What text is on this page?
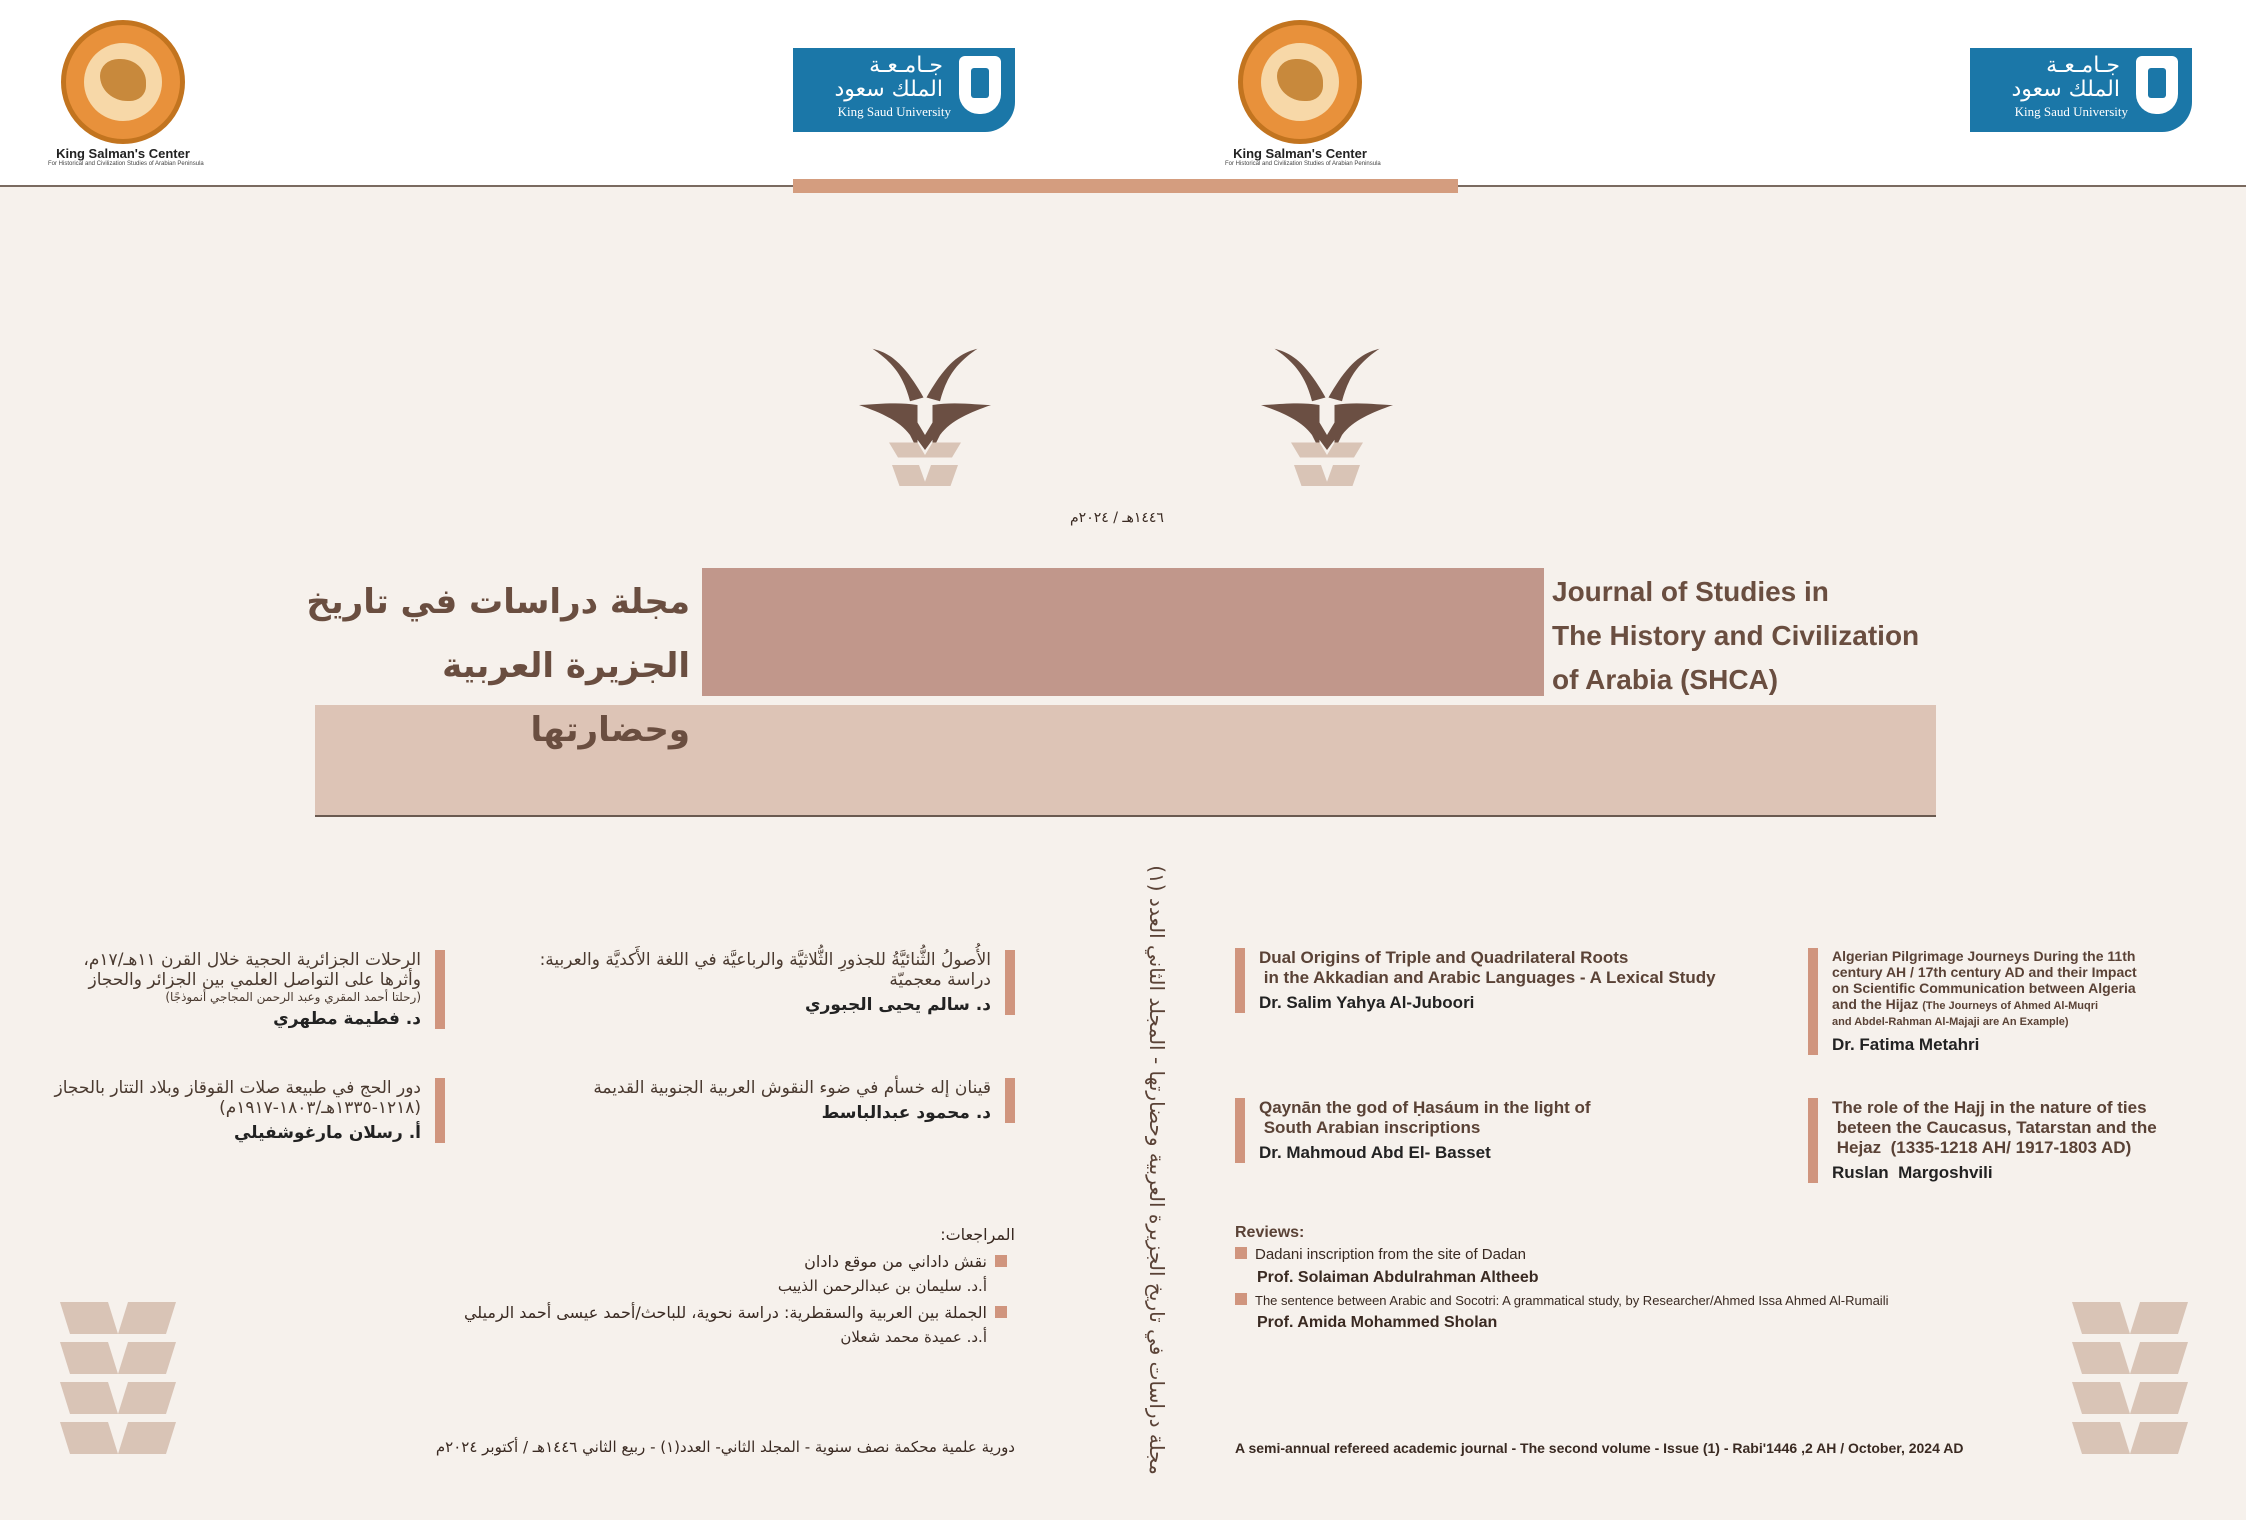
King Salman's Center
For Historical and Civilization Studies of Arabian Peninsula
King Salman's Center
For Historical and Civilization Studies of Arabian Peninsula
جـامـعـة
الملك سعود
King Saud University
جـامـعـة
الملك سعود
King Saud University
١٤٤٦هـ / ٢٠٢٤م
مجلة دراسات في تاريخ
الجزيرة العربية وحضارتها
Journal of Studies in
The History and Civilization
of Arabia (SHCA)
الأُصولُ الثُّنائيَّةُ للجذورِ الثُّلاثيَّة والرباعيَّة في اللغة الأَكديَّة والعربية: دراسة معجميّة
د. سالم يحيى الجبوري
الرحلات الجزائرية الحجية خلال القرن ١١هـ/١٧م، وأثرها على التواصل العلمي بين الجزائر والحجاز
(رحلتا أحمد المقري وعبد الرحمن المجاجي أنموذجًا)
د. فطيمة مطهري
قينان إله خسأم في ضوء النقوش العربية الجنوبية القديمة
د. محمود عبدالباسط
دور الحج في طبيعة صلات القوقاز وبلاد التتار بالحجاز (١٢١٨-١٣٣٥هـ/١٨٠٣-١٩١٧م)
أ. رسلان مارغوشفيلي
المراجعات:
نقش داداني من موقع دادان
أ.د. سليمان بن عبدالرحمن الذييب
الجملة بين العربية والسقطرية: دراسة نحوية، للباحث/أحمد عيسى أحمد الرميلي
أ.د. عميدة محمد شعلان
مجلة دراسات في تاريخ الجزيرة العربية وحضارتها - المجلد الثاني العدد (١)	Dual Origins of Triple and Quadrilateral Roots
in the Akkadian and Arabic Languages - A Lexical Study
Dr. Salim Yahya Al-Juboori
Algerian Pilgrimage Journeys During the 11th
century AH / 17th century AD and their Impact
on Scientific Communication between Algeria
and the Hijaz (The Journeys of Ahmed Al-Muqri
and Abdel-Rahman Al-Majaji are An Example)
Dr. Fatima Metahri
Qaynān the god of Ḥasáum in the light of
South Arabian inscriptions
Dr. Mahmoud Abd El- Basset
The role of the Hajj in the nature of ties
beteen the Caucasus, Tatarstan and the
Hejaz  (1335-1218 AH/ 1917-1803 AD)
Ruslan  Margoshvili
Reviews:
Dadani inscription from the site of Dadan
Prof. Solaiman Abdulrahman Altheeb
The sentence between Arabic and Socotri: A grammatical study, by Researcher/Ahmed Issa Ahmed Al-Rumaili
Prof. Amida Mohammed Sholan
دورية علمية محكمة نصف سنوية - المجلد الثاني- العدد(١) - ربيع الثاني ١٤٤٦هـ / أكتوبر ٢٠٢٤م	A semi-annual refereed academic journal - The second volume - Issue (1) - Rabi'1446 ,2 AH / October, 2024 AD
